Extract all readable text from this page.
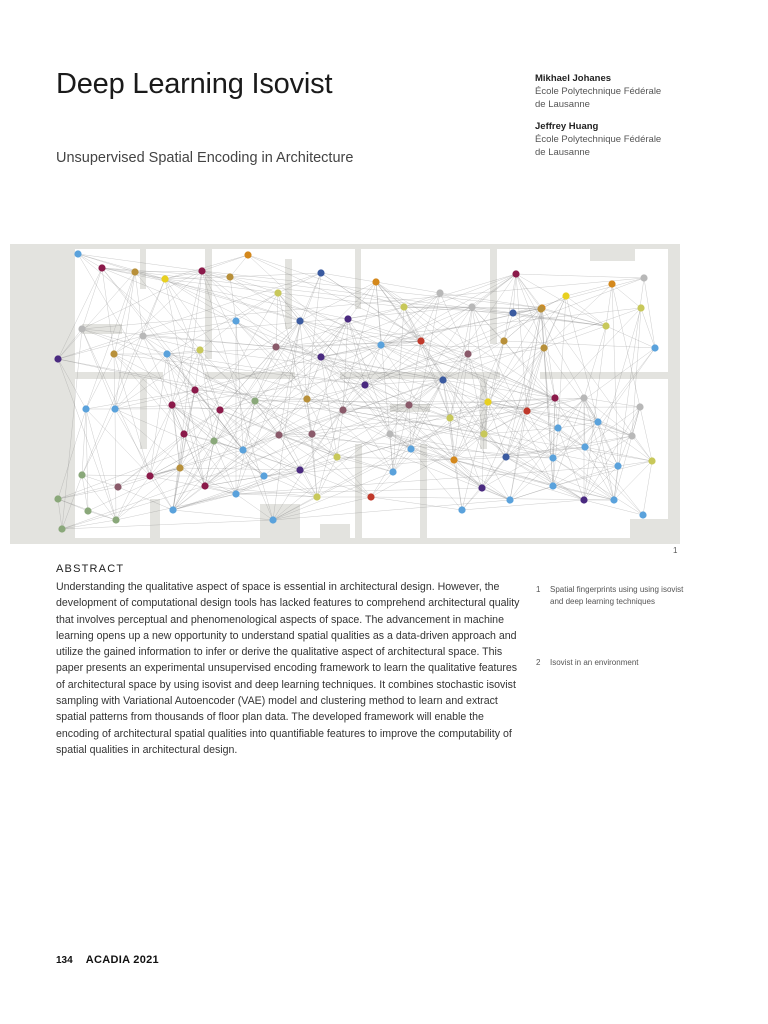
Deep Learning Isovist
Unsupervised Spatial Encoding in Architecture
Mikhael Johanes
École Polytechnique Fédérale
de Lausanne
Jeffrey Huang
École Polytechnique Fédérale
de Lausanne
1
ABSTRACT

Understanding the qualitative aspect of space is essential in architectural design. However, the development of computational design tools has lacked features to comprehend architectural quality that involves perceptual and phenomenological aspects of space. The advancement in machine learning opens up a new opportunity to understand spatial qualities as a data-driven approach and utilize the gained information to infer or derive the qualitative aspect of architectural space. This paper presents an experimental unsupervised encoding framework to learn the qualitative features of architectural space by using isovist and deep learning techniques. It combines stochastic isovist sampling with Variational Autoencoder (VAE) model and clustering method to learn and extract spatial patterns from thousands of floor plan data. The developed framework will enable the encoding of architectural spatial qualities into quantifiable features to improve the computability of spatial qualities in architectural design.

1	Spatial fingerprints using using isovist and deep learning techniques
2	Isovist in an environment
134 ACADIA 2021
